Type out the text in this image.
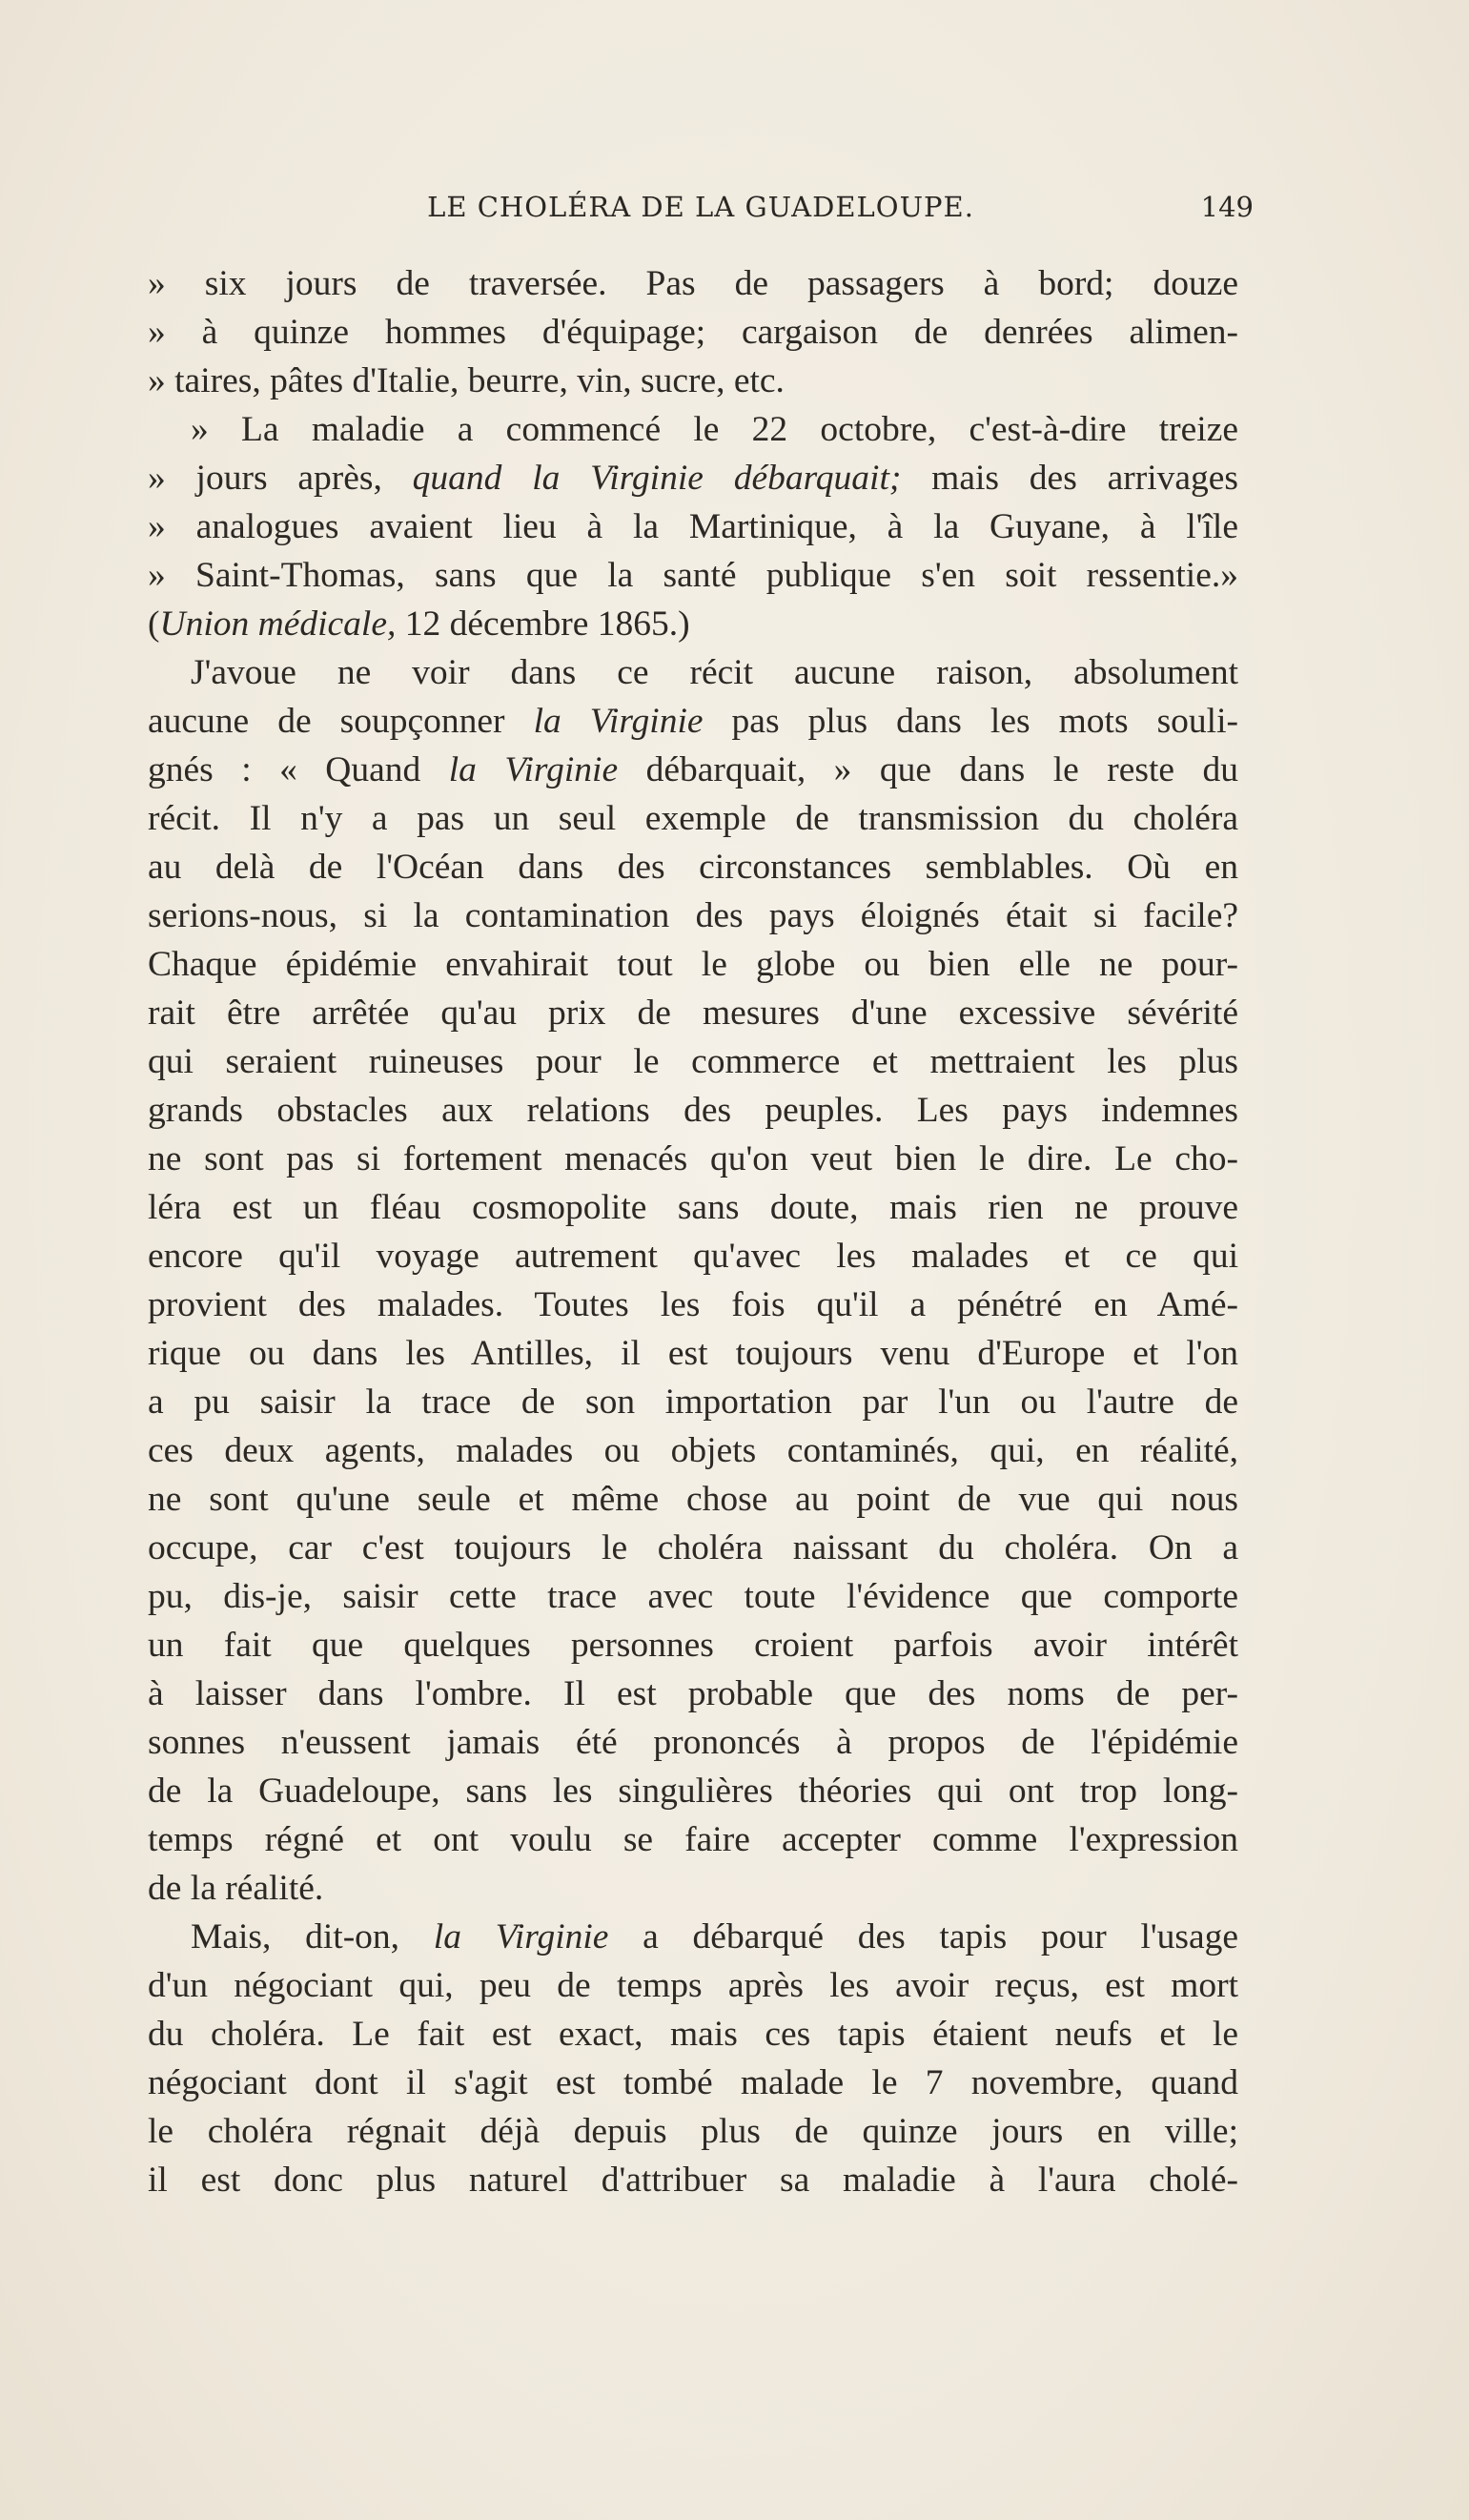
LE CHOLÉRA DE LA GUADELOUPE.	149
» six jours de traversée. Pas de passagers à bord; douze
» à quinze hommes d'équipage; cargaison de denrées alimen-
» taires, pâtes d'Italie, beurre, vin, sucre, etc.
» La maladie a commencé le 22 octobre, c'est-à-dire treize
» jours après, quand la Virginie débarquait; mais des arrivages
» analogues avaient lieu à la Martinique, à la Guyane, à l'île
» Saint-Thomas, sans que la santé publique s'en soit ressentie.»
(Union médicale, 12 décembre 1865.)
J'avoue ne voir dans ce récit aucune raison, absolument
aucune de soupçonner la Virginie pas plus dans les mots souli-
gnés : « Quand la Virginie débarquait, » que dans le reste du
récit. Il n'y a pas un seul exemple de transmission du choléra
au delà de l'Océan dans des circonstances semblables. Où en
serions-nous, si la contamination des pays éloignés était si facile?
Chaque épidémie envahirait tout le globe ou bien elle ne pour-
rait être arrêtée qu'au prix de mesures d'une excessive sévérité
qui seraient ruineuses pour le commerce et mettraient les plus
grands obstacles aux relations des peuples. Les pays indemnes
ne sont pas si fortement menacés qu'on veut bien le dire. Le cho-
léra est un fléau cosmopolite sans doute, mais rien ne prouve
encore qu'il voyage autrement qu'avec les malades et ce qui
provient des malades. Toutes les fois qu'il a pénétré en Amé-
rique ou dans les Antilles, il est toujours venu d'Europe et l'on
a pu saisir la trace de son importation par l'un ou l'autre de
ces deux agents, malades ou objets contaminés, qui, en réalité,
ne sont qu'une seule et même chose au point de vue qui nous
occupe, car c'est toujours le choléra naissant du choléra. On a
pu, dis-je, saisir cette trace avec toute l'évidence que comporte
un fait que quelques personnes croient parfois avoir intérêt
à laisser dans l'ombre. Il est probable que des noms de per-
sonnes n'eussent jamais été prononcés à propos de l'épidémie
de la Guadeloupe, sans les singulières théories qui ont trop long-
temps régné et ont voulu se faire accepter comme l'expression
de la réalité.
Mais, dit-on, la Virginie a débarqué des tapis pour l'usage
d'un négociant qui, peu de temps après les avoir reçus, est mort
du choléra. Le fait est exact, mais ces tapis étaient neufs et le
négociant dont il s'agit est tombé malade le 7 novembre, quand
le choléra régnait déjà depuis plus de quinze jours en ville;
il est donc plus naturel d'attribuer sa maladie à l'aura cholé-
